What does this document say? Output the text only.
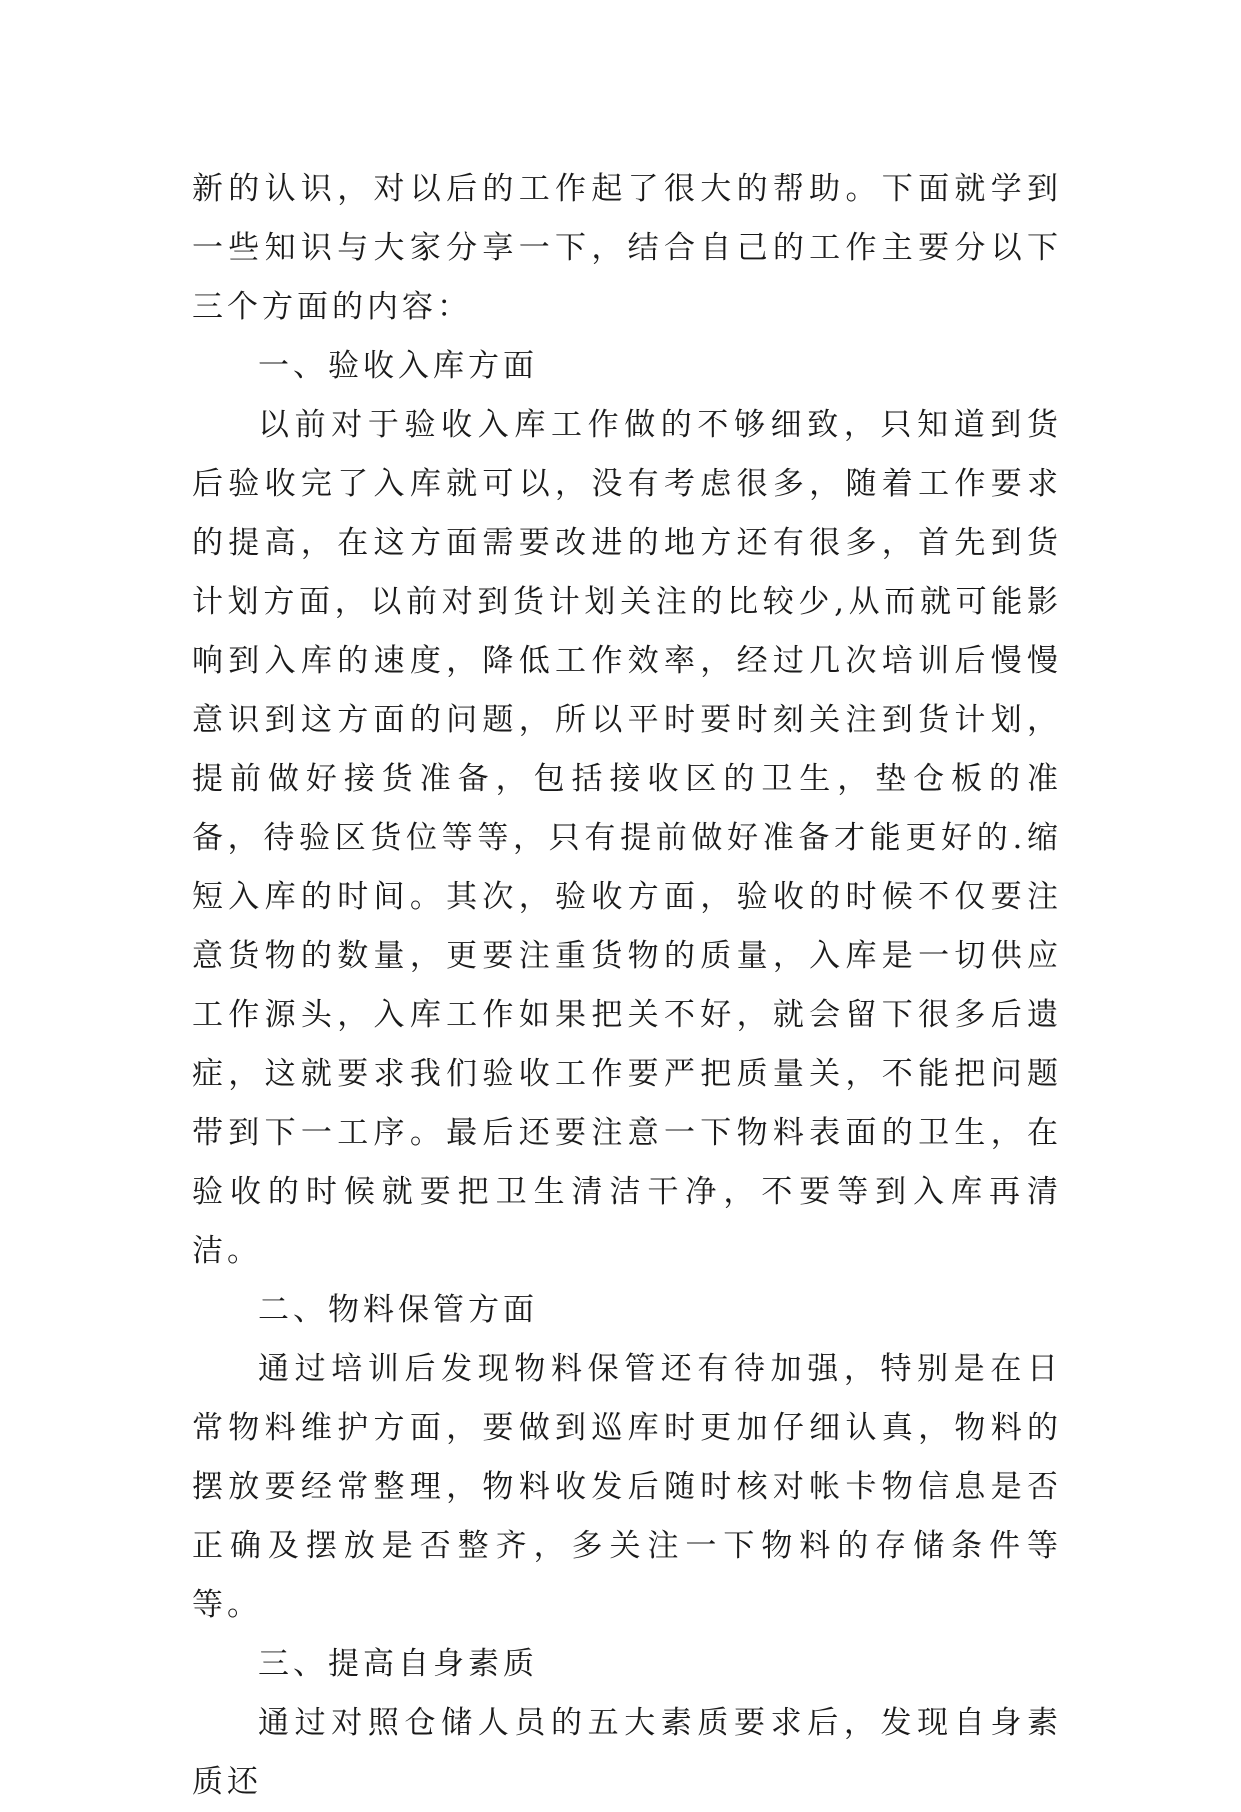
新的认识，对以后的工作起了很大的帮助。下面就学到一些知识与大家分享一下，结合自己的工作主要分以下三个方面的内容：

一、验收入库方面

以前对于验收入库工作做的不够细致，只知道到货后验收完了入库就可以，没有考虑很多，随着工作要求的提高，在这方面需要改进的地方还有很多，首先到货计划方面，以前对到货计划关注的比较少,从而就可能影响到入库的速度，降低工作效率，经过几次培训后慢慢意识到这方面的问题，所以平时要时刻关注到货计划，提前做好接货准备，包括接收区的卫生，垫仓板的准备，待验区货位等等，只有提前做好准备才能更好的.缩短入库的时间。其次，验收方面，验收的时候不仅要注意货物的数量，更要注重货物的质量，入库是一切供应工作源头，入库工作如果把关不好，就会留下很多后遗症，这就要求我们验收工作要严把质量关，不能把问题带到下一工序。最后还要注意一下物料表面的卫生，在验收的时候就要把卫生清洁干净，不要等到入库再清洁。

二、物料保管方面

通过培训后发现物料保管还有待加强，特别是在日常物料维护方面，要做到巡库时更加仔细认真，物料的摆放要经常整理，物料收发后随时核对帐卡物信息是否正确及摆放是否整齐，多关注一下物料的存储条件等等。

三、提高自身素质

通过对照仓储人员的五大素质要求后，发现自身素质还
